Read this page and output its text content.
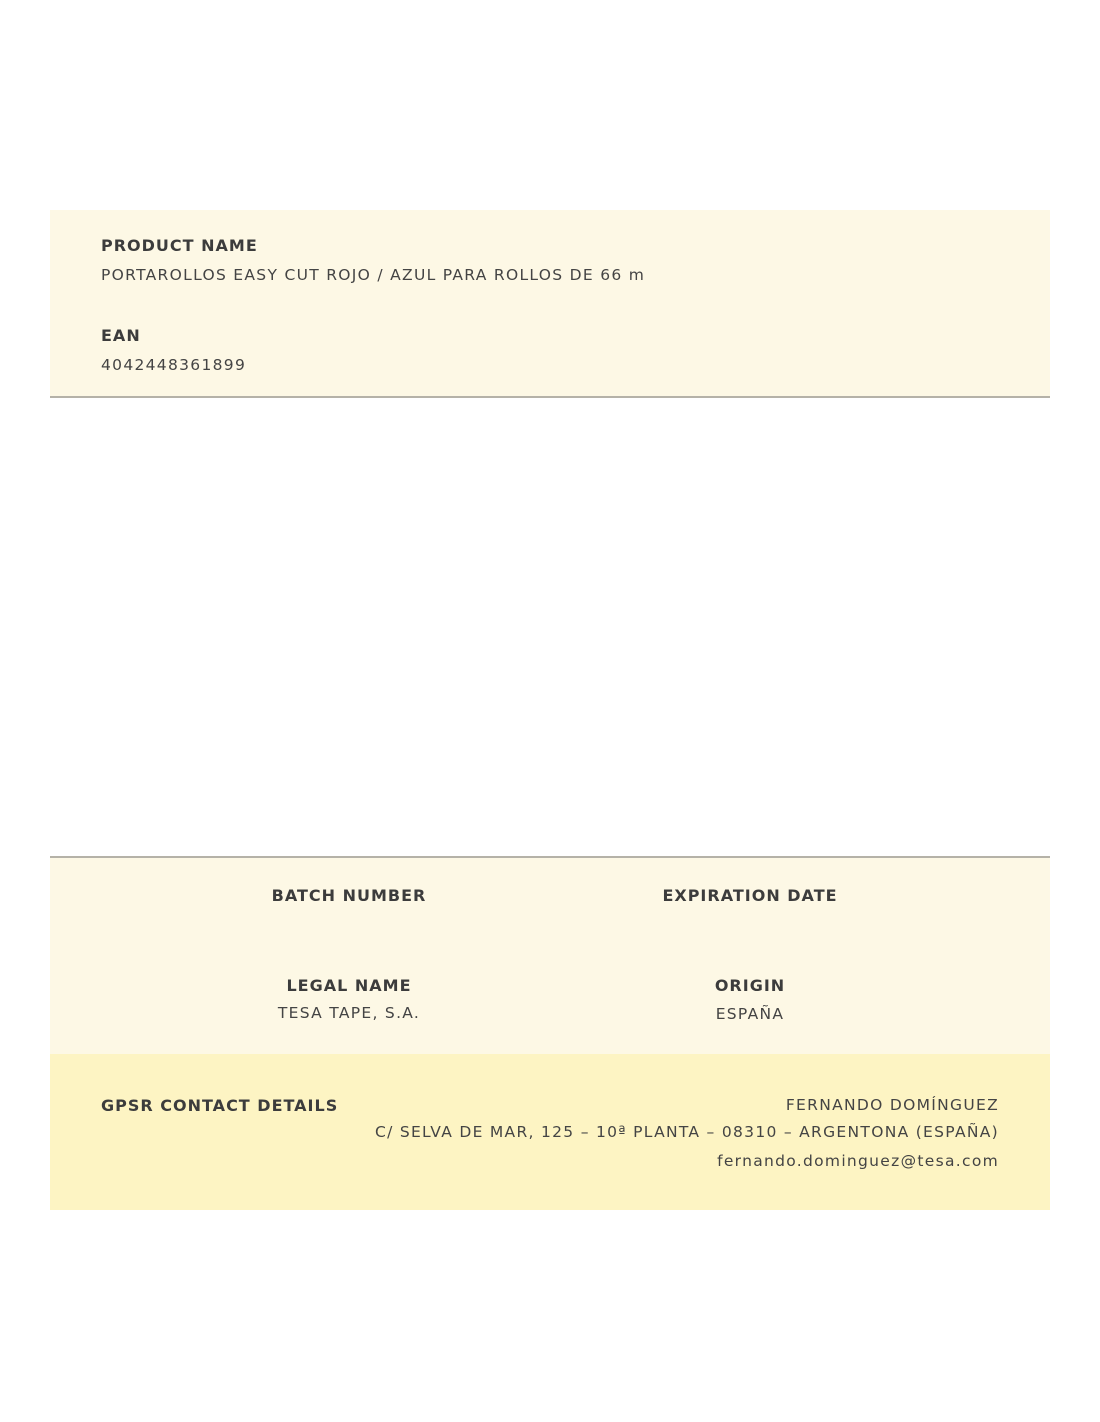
PRODUCT NAME
PORTAROLLOS EASY CUT ROJO / AZUL PARA ROLLOS DE 66 m
EAN
4042448361899
BATCH NUMBER	EXPIRATION DATE
LEGAL NAME
TESA TAPE, S.A.
ORIGIN
ESPAÑA
GPSR CONTACT DETAILS	FERNANDO DOMÍNGUEZ
C/ SELVA DE MAR, 125 – 10ª PLANTA – 08310 – ARGENTONA (ESPAÑA)
fernando.dominguez@tesa.com
